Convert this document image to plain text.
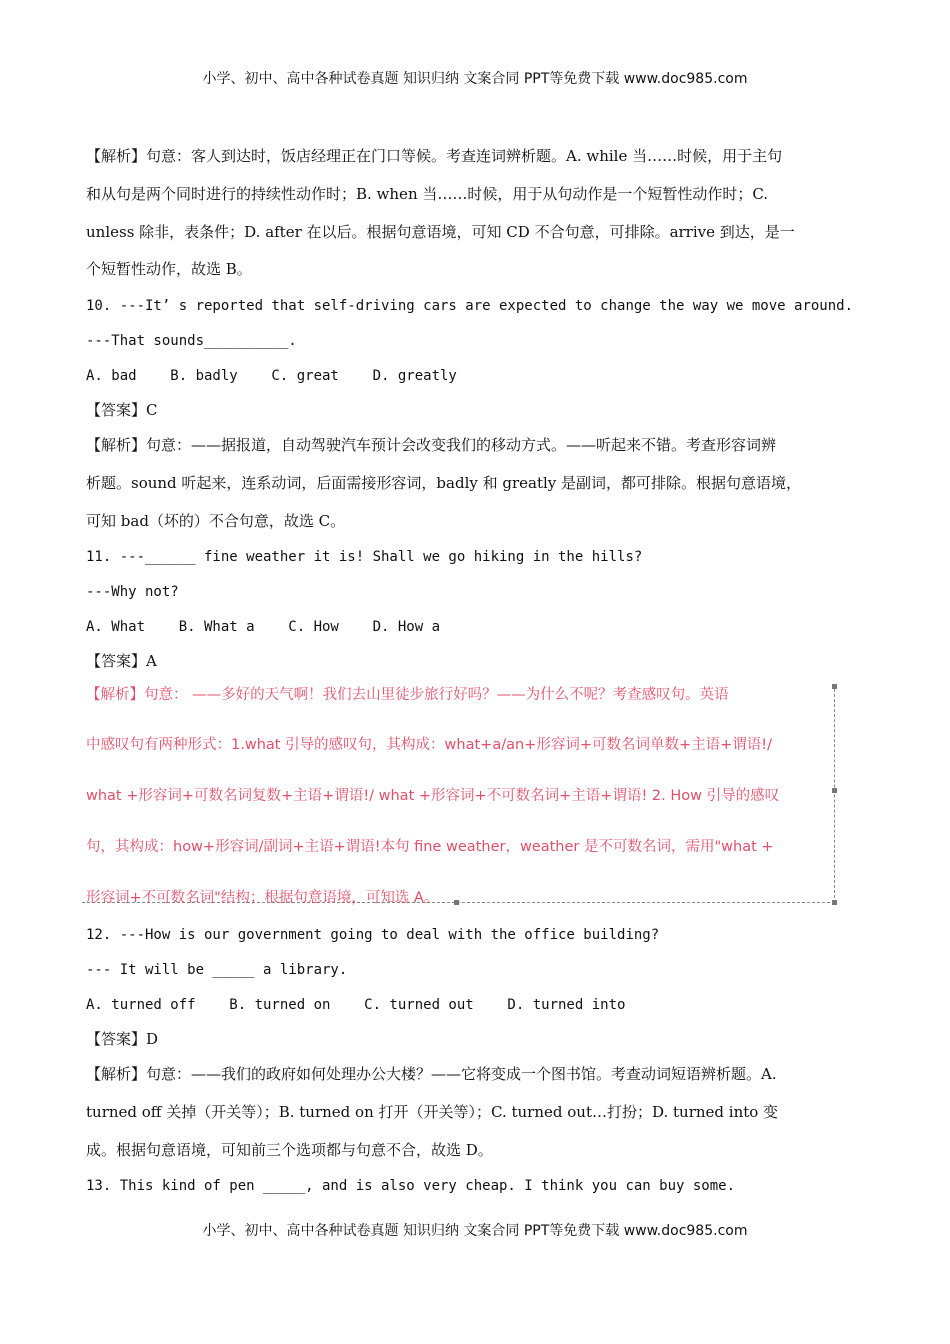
小学、初中、高中各种试卷真题 知识归纳 文案合同 PPT等免费下载 www.doc985.com
【解析】句意：客人到达时，饭店经理正在门口等候。考查连词辨析题。A. while 当……时候，用于主句
和从句是两个同时进行的持续性动作时；B. when 当……时候，用于从句动作是一个短暂性动作时；C.
unless 除非，表条件；D. after 在以后。根据句意语境，可知 CD 不合句意，可排除。arrive 到达，是一
个短暂性动作，故选 B。
10. ---It’ s reported that self-driving cars are expected to change the way we move around.
---That sounds__________.
A. bad    B. badly    C. great    D. greatly
【答案】C
【解析】句意：——据报道，自动驾驶汽车预计会改变我们的移动方式。——听起来不错。考查形容词辨
析题。sound 听起来，连系动词，后面需接形容词，badly 和 greatly 是副词，都可排除。根据句意语境，
可知 bad（坏的）不合句意，故选 C。
11. ---______ fine weather it is! Shall we go hiking in the hills?
---Why not?
A. What    B. What a    C. How    D. How a
【答案】A
【解析】句意： ——多好的天气啊！我们去山里徒步旅行好吗？——为什么不呢？考查感叹句。英语
中感叹句有两种形式：1.what 引导的感叹句，其构成：what+a/an+形容词+可数名词单数+主语+谓语!/
what +形容词+可数名词复数+主语+谓语!/ what +形容词+不可数名词+主语+谓语! 2. How 引导的感叹
句，其构成：how+形容词/副词+主语+谓语!本句 fine weather，weather 是不可数名词，需用"what +
形容词+不可数名词"结构；根据句意语境，可知选 A。
12. ---How is our government going to deal with the office building?
--- It will be _____ a library.
A. turned off    B. turned on    C. turned out    D. turned into
【答案】D
【解析】句意：——我们的政府如何处理办公大楼？——它将变成一个图书馆。考查动词短语辨析题。A.
turned off 关掉（开关等）；B. turned on 打开（开关等）；C. turned out…打扮；D. turned into 变
成。根据句意语境，可知前三个选项都与句意不合，故选 D。
13. This kind of pen _____, and is also very cheap. I think you can buy some.
小学、初中、高中各种试卷真题 知识归纳 文案合同 PPT等免费下载 www.doc985.com
